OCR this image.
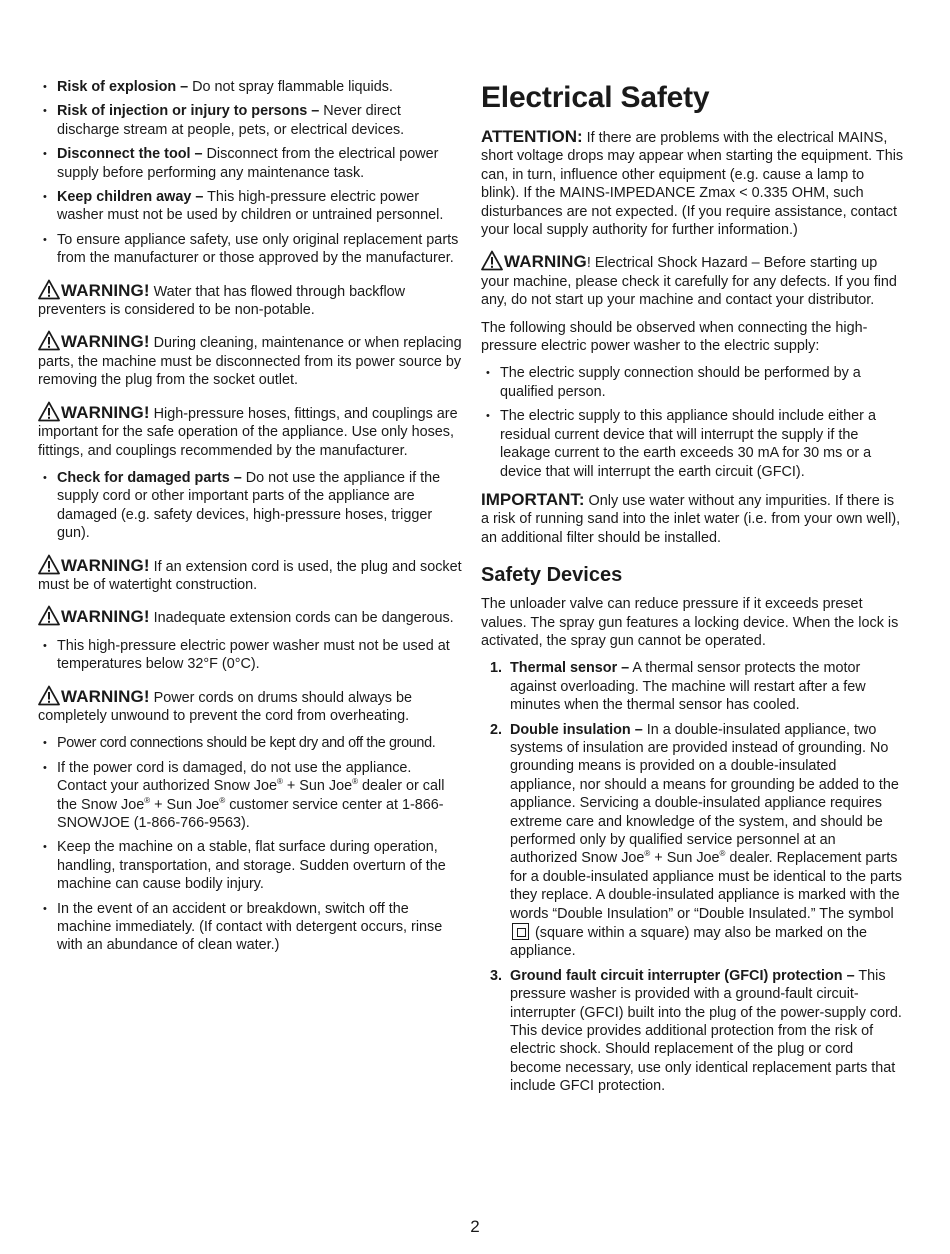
• Risk of explosion – Do not spray flammable liquids.
• Risk of injection or injury to persons – Never direct discharge stream at people, pets, or electrical devices.
• Disconnect the tool – Disconnect from the electrical power supply before performing any maintenance task.
• Keep children away – This high-pressure electric power washer must not be used by children or untrained personnel.
• To ensure appliance safety, use only original replacement parts from the manufacturer or those approved by the manufacturer.

WARNING! Water that has flowed through backflow preventers is considered to be non-potable.

WARNING! During cleaning, maintenance or when replacing parts, the machine must be disconnected from its power source by removing the plug from the socket outlet.

WARNING! High-pressure hoses, fittings, and couplings are important for the safe operation of the appliance. Use only hoses, fittings, and couplings recommended by the manufacturer.

• Check for damaged parts – Do not use the appliance if the supply cord or other important parts of the appliance are damaged (e.g. safety devices, high-pressure hoses, trigger gun).

WARNING! If an extension cord is used, the plug and socket must be of watertight construction.

WARNING! Inadequate extension cords can be dangerous.

• This high-pressure electric power washer must not be used at temperatures below 32°F (0°C).

WARNING! Power cords on drums should always be completely unwound to prevent the cord from overheating.

• Power cord connections should be kept dry and off the ground.
• If the power cord is damaged, do not use the appliance. Contact your authorized Snow Joe® + Sun Joe® dealer or call the Snow Joe® + Sun Joe® customer service center at 1-866-SNOWJOE (1-866-766-9563).
• Keep the machine on a stable, flat surface during operation, handling, transportation, and storage. Sudden overturn of the machine can cause bodily injury.
• In the event of an accident or breakdown, switch off the machine immediately. (If contact with detergent occurs, rinse with an abundance of clean water.)
Electrical Safety

ATTENTION: If there are problems with the electrical MAINS, short voltage drops may appear when starting the equipment. This can, in turn, influence other equipment (e.g. cause a lamp to blink). If the MAINS-IMPEDANCE Zmax < 0.335 OHM, such disturbances are not expected. (If you require assistance, contact your local supply authority for further information.)

WARNING! Electrical Shock Hazard – Before starting up your machine, please check it carefully for any defects. If you find any, do not start up your machine and contact your distributor.

The following should be observed when connecting the high-pressure electric power washer to the electric supply:

• The electric supply connection should be performed by a qualified person.
• The electric supply to this appliance should include either a residual current device that will interrupt the supply if the leakage current to the earth exceeds 30 mA for 30 ms or a device that will interrupt the earth circuit (GFCI).

IMPORTANT: Only use water without any impurities. If there is a risk of running sand into the inlet water (i.e. from your own well), an additional filter should be installed.

Safety Devices

The unloader valve can reduce pressure if it exceeds preset values. The spray gun features a locking device. When the lock is activated, the spray gun cannot be operated.

1. Thermal sensor – A thermal sensor protects the motor against overloading. The machine will restart after a few minutes when the thermal sensor has cooled.
2. Double insulation – In a double-insulated appliance, two systems of insulation are provided instead of grounding. No grounding means is provided on a double-insulated appliance, nor should a means for grounding be added to the appliance. Servicing a double-insulated appliance requires extreme care and knowledge of the system, and should be performed only by qualified service personnel at an authorized Snow Joe® + Sun Joe® dealer. Replacement parts for a double-insulated appliance must be identical to the parts they replace. A double-insulated appliance is marked with the words “Double Insulation” or “Double Insulated.” The symbol  (square within a square) may also be marked on the appliance.
3. Ground fault circuit interrupter (GFCI) protection – This pressure washer is provided with a ground-fault circuit-interrupter (GFCI) built into the plug of the power-supply cord. This device provides additional protection from the risk of electric shock. Should replacement of the plug or cord become necessary, use only identical replacement parts that include GFCI protection.
2
